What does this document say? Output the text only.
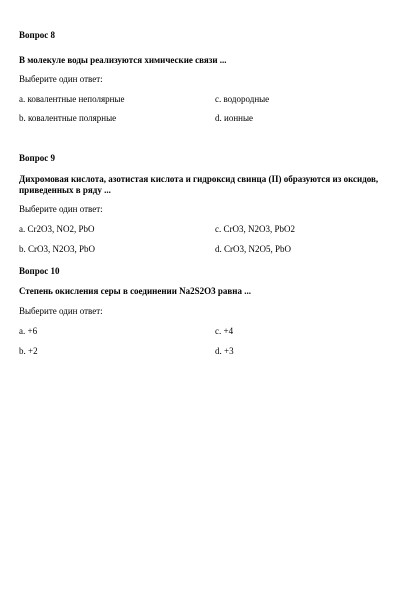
Вопрос 8
В молекуле воды реализуются химические связи ...
Выберите один ответ:
a. ковалентные неполярные	c. водородные
b. ковалентные полярные	d. ионные
Вопрос 9
Дихромовая кислота, азотистая кислота и гидроксид свинца (II) образуются из оксидов, приведенных в ряду ...
Выберите один ответ:
a. Cr2O3, NO2, PbO	c. CrO3, N2O3, PbO2
b. CrO3, N2O3, PbO	d. CrO3, N2O5, PbO
Вопрос 10
Степень окисления серы в соединении Na2S2O3 равна ...
Выберите один ответ:
a. +6	c. +4
b. +2	d. +3
